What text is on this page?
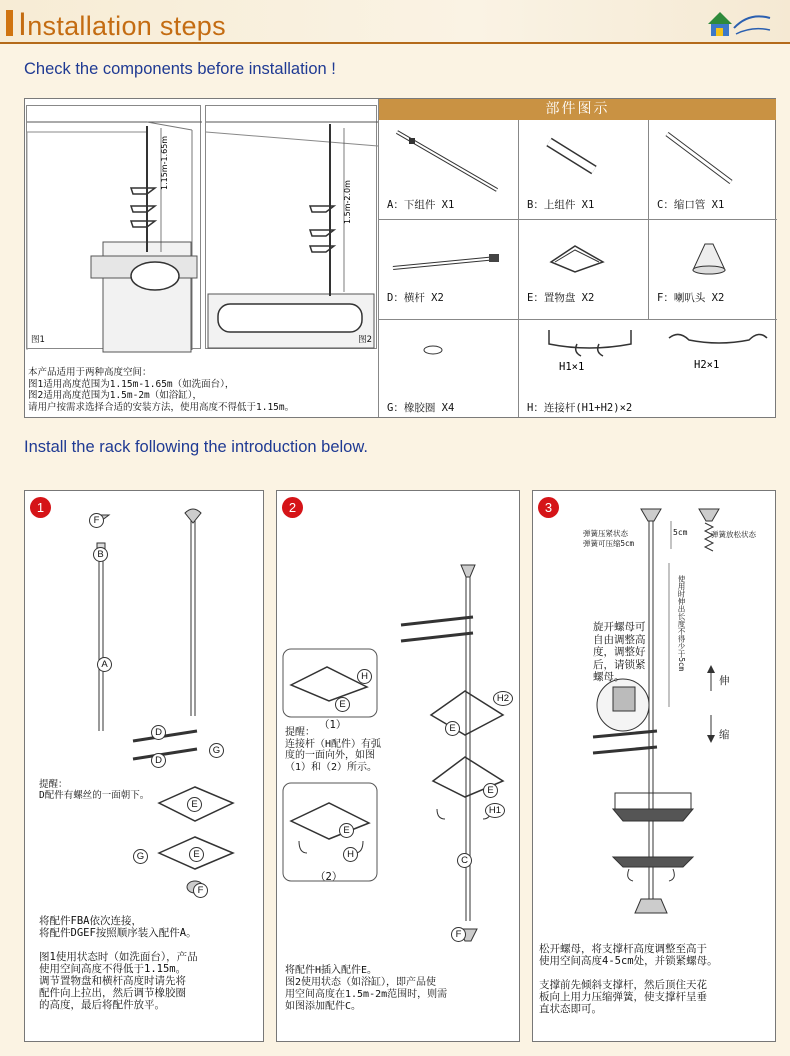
Installation steps
Check the components before installation !
1.15m-1.65m
图1
1.5m-2.0m
图2
本产品适用于两种高度空间：
图1适用高度范围为1.15m-1.65m（如洗面台），
图2适用高度范围为1.5m-2m（如浴缸），
请用户按需求选择合适的安装方法，使用高度不得低于1.15m。
部件图示
A：下组件 X1	B：上组件 X1	C：缩口管 X1
D：横杆 X2	E：置物盘 X2	F：喇叭头 X2
G：橡胶圈 X4
H1×1	H2×1
H：连接杆(H1+H2)×2
Install the rack following the introduction below.
1
F
B
A
D
D
G
E
G	E
F
提醒：
D配件有螺丝的一面朝下。
将配件FBA依次连接，
将配件DGEF按照顺序装入配件A。
图1使用状态时（如洗面台），产品
使用空间高度不得低于1.15m。
调节置物盘和横杆高度时请先将
配件向上拉出，然后调节橡胶圈
的高度，最后将配件放平。
2
H
E
（1）
E
H
（2）
H2
E
E
H1
C
F
提醒：
连接杆（H配件）有弧
度的一面向外，如图
（1）和（2）所示。
将配件H插入配件E。
图2使用状态（如浴缸），即产品使
用空间高度在1.5m-2m范围时，则需
如图添加配件C。
3
弹簧压紧状态
弹簧可压缩5cm
弹簧放松状态
5cm
旋开螺母可
自由调整高
度，调整好
后，请锁紧
螺母。
使用时伸出长度不得少于5cm
伸
缩
松开螺母，将支撑杆高度调整至高于
使用空间高度4-5cm处，并锁紧螺母。
支撑前先倾斜支撑杆，然后顶住天花
板向上用力压缩弹簧，使支撑杆呈垂
直状态即可。
